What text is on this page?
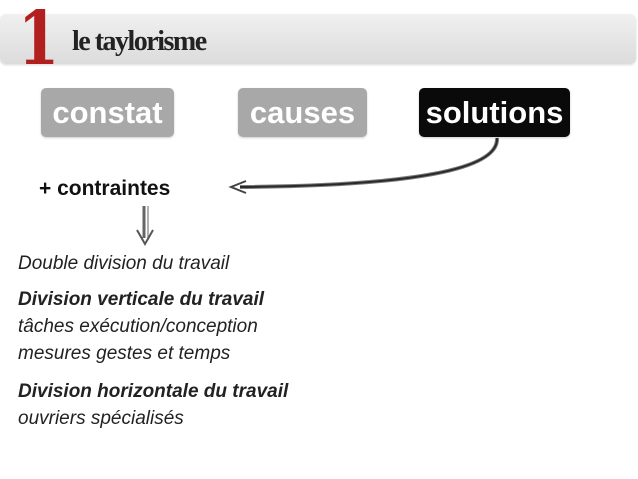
1 le taylorisme
constat	causes	solutions
+ contraintes
Double division du travail
Division verticale du travail
tâches exécution/conception
mesures gestes et temps
Division horizontale du travail
ouvriers spécialisés
